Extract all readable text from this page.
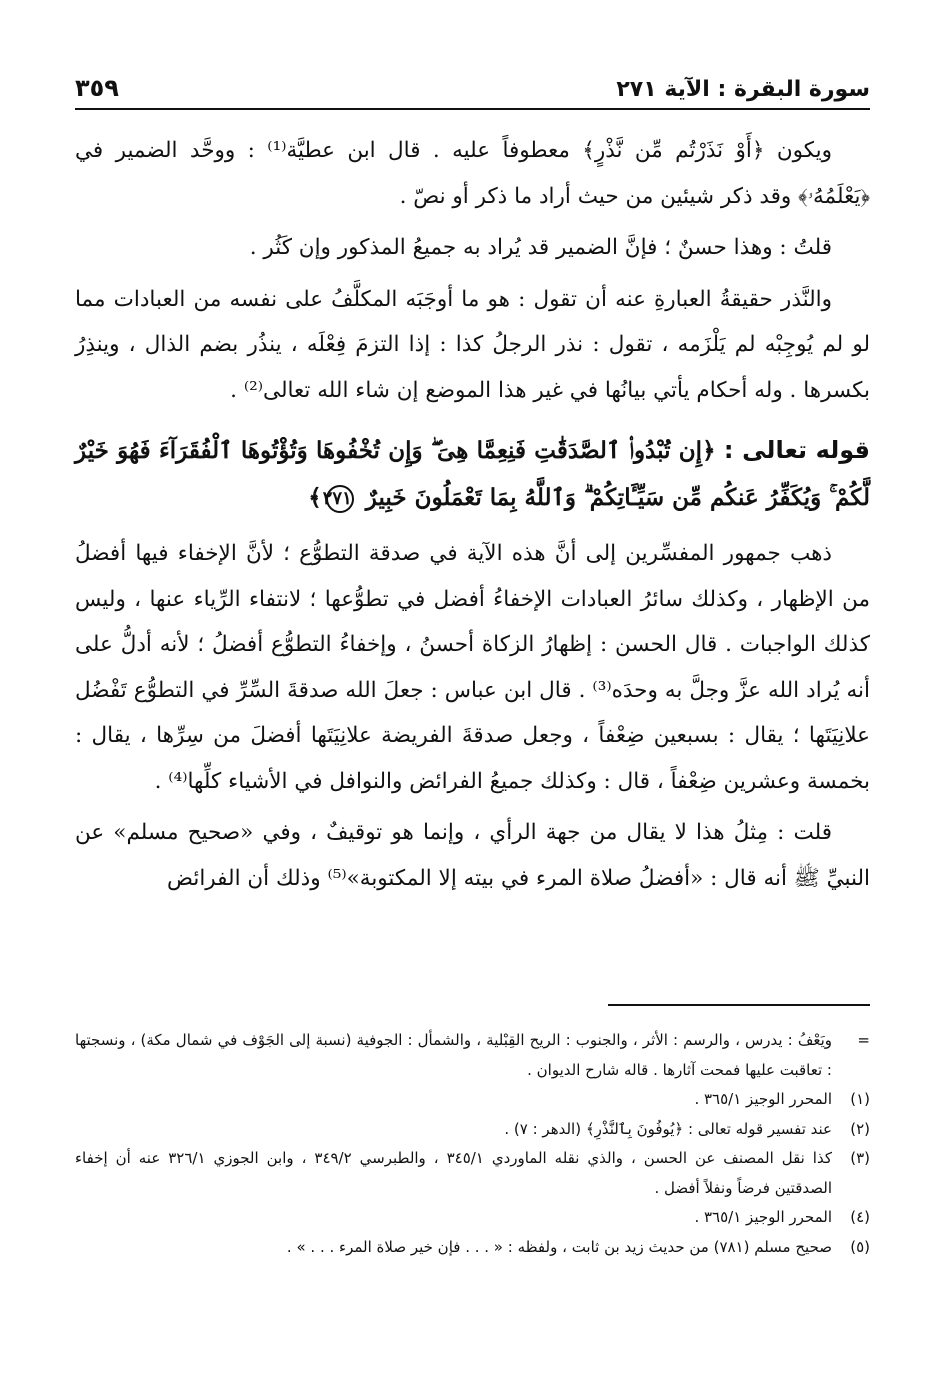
سورة البقرة : الآية ٢٧١
٣٥٩

ويكون ﴿أَوْ نَذَرْتُم مِّن نَّذْرٍ﴾ معطوفاً عليه . قال ابن عطيَّة⁽¹⁾ : ووحَّد الضمير في ﴿يَعْلَمُهُۥ﴾ وقد ذكر شيئين من حيث أراد ما ذكر أو نصّ .

قلتُ : وهذا حسنٌ ؛ فإنَّ الضمير قد يُراد به جميعُ المذكور وإن كَثُر .

والنَّذر حقيقةُ العبارةِ عنه أن تقول : هو ما أوجَبَه المكلَّفُ على نفسه من العبادات مما لو لم يُوجِبْه لم يَلْزَمه ، تقول : نذر الرجلُ كذا : إذا التزمَ فِعْلَه ، ينذُر بضم الذال ، وينذِرُ بكسرها . وله أحكام يأتي بيانُها في غير هذا الموضع إن شاء الله تعالى⁽²⁾ .

قوله تعالى : ﴿إِن تُبْدُوا۟ ٱلصَّدَقَٰتِ فَنِعِمَّا هِىَ ۖ وَإِن تُخْفُوهَا وَتُؤْتُوهَا ٱلْفُقَرَآءَ فَهُوَ خَيْرٌ لَّكُمْ ۚ وَيُكَفِّرُ عَنكُم مِّن سَيِّـَٔاتِكُمْ ۗ وَٱللَّهُ بِمَا تَعْمَلُونَ خَبِيرٌ ٢٧١﴾

ذهب جمهور المفسِّرين إلى أنَّ هذه الآية في صدقة التطوُّع ؛ لأنَّ الإخفاء فيها أفضلُ من الإظهار ، وكذلك سائرُ العبادات الإخفاءُ أفضل في تطوُّعها ؛ لانتفاء الرِّياء عنها ، وليس كذلك الواجبات . قال الحسن : إظهارُ الزكاة أحسنُ ، وإخفاءُ التطوُّع أفضلُ ؛ لأنه أدلُّ على أنه يُراد الله عزَّ وجلَّ به وحدَه⁽³⁾ . قال ابن عباس : جعلَ الله صدقةَ السِّرِّ في التطوُّع تَفْضُل علانِيَتَها ؛ يقال : بسبعين ضِعْفاً ، وجعل صدقةَ الفريضة علانِيَتَها أفضلَ من سِرِّها ، يقال : بخمسة وعشرين ضِعْفاً ، قال : وكذلك جميعُ الفرائض والنوافل في الأشياء كلِّها⁽⁴⁾ .

قلت : مِثلُ هذا لا يقال من جهة الرأي ، وإنما هو توقيفٌ ، وفي «صحيح مسلم» عن النبيِّ ﷺ أنه قال : «أفضلُ صلاة المرء في بيته إلا المكتوبة»⁽⁵⁾ وذلك أن الفرائض

=
ويَعْفُ : يدرس ، والرسم : الأثر ، والجنوب : الريح القِبْلية ، والشمأل : الجوفية (نسبة إلى الجَوْف في شمال مكة) ، ونسجتها : تعاقبت عليها فمحت آثارها . قاله شارح الديوان .
(١)
المحرر الوجيز ٣٦٥/١ .
(٢)
عند تفسير قوله تعالى : ﴿يُوفُونَ بِٱلنَّذْرِ﴾ (الدهر : ٧) .
(٣)
كذا نقل المصنف عن الحسن ، والذي نقله الماوردي ٣٤٥/١ ، والطبرسي ٣٤٩/٢ ، وابن الجوزي ٣٢٦/١ عنه أن إخفاء الصدقتين فرضاً ونفلاً أفضل .
(٤)
المحرر الوجيز ٣٦٥/١ .
(٥)
صحيح مسلم (٧٨١) من حديث زيد بن ثابت ، ولفظه : « . . . فإن خير صلاة المرء . . . » .
